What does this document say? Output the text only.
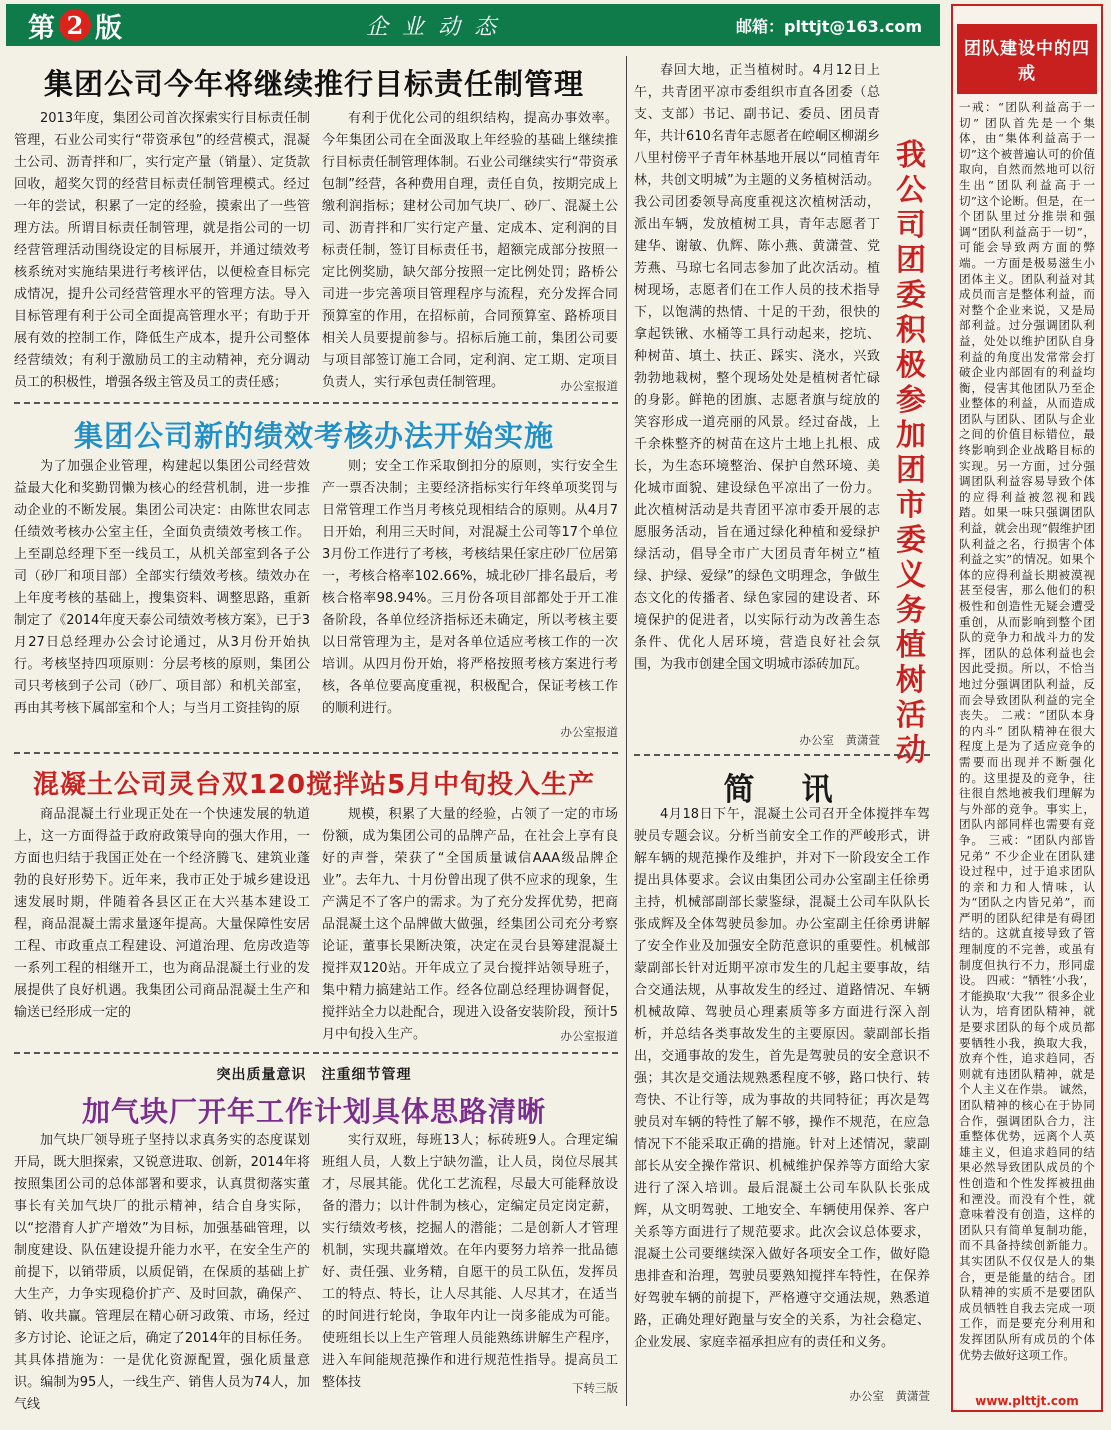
第 2 版	企业动态	邮箱：plttjt@163.com
集团公司今年将继续推行目标责任制管理

2013年度，集团公司首次探索实行目标责任制管理，石业公司实行“带资承包”的经营模式，混凝土公司、沥青拌和厂，实行定产量（销量）、定货款回收，超奖欠罚的经营目标责任制管理模式。经过一年的尝试，积累了一定的经验，摸索出了一些管理方法。所谓目标责任制管理，就是指公司的一切经营管理活动围绕设定的目标展开，并通过绩效考核系统对实施结果进行考核评估，以便检查目标完成情况，提升公司经营管理水平的管理方法。导入目标管理有利于公司全面提高管理水平；有助于开展有效的控制工作，降低生产成本，提升公司整体经营绩效；有利于激励员工的主动精神，充分调动员工的积极性，增强各级主管及员工的责任感；

有利于优化公司的组织结构，提高办事效率。今年集团公司在全面汲取上年经验的基础上继续推行目标责任制管理体制。石业公司继续实行“带资承包制”经营，各种费用自理，责任自负，按期完成上缴利润指标；建材公司加气块厂、砂厂、混凝土公司、沥青拌和厂实行定产量、定成本、定利润的目标责任制，签订目标责任书，超额完成部分按照一定比例奖励，缺欠部分按照一定比例处罚；路桥公司进一步完善项目管理程序与流程，充分发挥合同预算室的作用，在招标前，合同预算室、路桥项目相关人员要提前参与。招标后施工前，集团公司要与项目部签订施工合同，定利润、定工期、定项目负责人，实行承包责任制管理。	办公室报道
集团公司新的绩效考核办法开始实施

为了加强企业管理，构建起以集团公司经营效益最大化和奖勤罚懒为核心的经营机制，进一步推动企业的不断发展。集团公司决定：由陈世农同志任绩效考核办公室主任，全面负责绩效考核工作。上至副总经理下至一线员工，从机关部室到各子公司（砂厂和项目部）全部实行绩效考核。绩效办在上年度考核的基础上，搜集资料、调整思路，重新制定了《2014年度天泰公司绩效考核方案》，已于3月27日总经理办公会讨论通过，从3月份开始执行。考核坚持四项原则：分层考核的原则，集团公司只考核到子公司（砂厂、项目部）和机关部室，再由其考核下属部室和个人；与当月工资挂钩的原

则；安全工作采取倒扣分的原则，实行安全生产一票否决制；主要经济指标实行年终单项奖罚与日常管理工作当月考核兑现相结合的原则。从4月7日开始，利用三天时间，对混凝土公司等17个单位3月份工作进行了考核，考核结果任家庄砂厂位居第一，考核合格率102.66%，城北砂厂排名最后，考核合格率98.94%。三月份各项目部都处于开工准备阶段，各单位经济指标还未确定，所以考核主要以日常管理为主，是对各单位适应考核工作的一次培训。从四月份开始，将严格按照考核方案进行考核，各单位要高度重视，积极配合，保证考核工作的顺利进行。

办公室报道
混凝土公司灵台双120搅拌站5月中旬投入生产

商品混凝土行业现正处在一个快速发展的轨道上，这一方面得益于政府政策导向的强大作用，一方面也归结于我国正处在一个经济腾飞、建筑业蓬勃的良好形势下。近年来，我市正处于城乡建设迅速发展时期，伴随着各县区正在大兴基本建设工程，商品混凝土需求量逐年提高。大量保障性安居工程、市政重点工程建设、河道治理、危房改造等一系列工程的相继开工，也为商品混凝土行业的发展提供了良好机遇。我集团公司商品混凝土生产和输送已经形成一定的

规模，积累了大量的经验，占领了一定的市场份额，成为集团公司的品牌产品，在社会上享有良好的声誉，荣获了“全国质量诚信AAA级品牌企业”。去年九、十月份曾出现了供不应求的现象，生产满足不了客户的需求。为了充分发挥优势，把商品混凝土这个品牌做大做强，经集团公司充分考察论证，董事长果断决策，决定在灵台县筹建混凝土搅拌双120站。开年成立了灵台搅拌站领导班子，集中精力搞建站工作。经各位副总经理协调督促，搅拌站全力以赴配合，现进入设备安装阶段，预计5月中旬投入生产。	办公室报道
突出质量意识　注重细节管理
加气块厂开年工作计划具体思路清晰

加气块厂领导班子坚持以求真务实的态度谋划开局，既大胆探索，又锐意进取、创新，2014年将按照集团公司的总体部署和要求，认真贯彻落实董事长有关加气块厂的批示精神，结合自身实际，以“挖潜育人扩产增效”为目标，加强基础管理，以制度建设、队伍建设提升能力水平，在安全生产的前提下，以销带质，以质促销，在保质的基础上扩大生产，力争实现稳价扩产、及时回款，确保产、销、收共赢。管理层在精心研习政策、市场，经过多方讨论、论证之后，确定了2014年的目标任务。其具体措施为：一是优化资源配置，强化质量意识。编制为95人，一线生产、销售人员为74人，加气线

实行双班，每班13人；标砖班9人。合理定编班组人员，人数上宁缺勿滥，让人员，岗位尽展其才，尽展其能。优化工艺流程，尽最大可能释放设备的潜力；以计件制为核心，定编定员定岗定薪，实行绩效考核，挖掘人的潜能；二是创新人才管理机制，实现共赢增效。在年内要努力培养一批品德好、责任强、业务精，自愿干的员工队伍，发挥员工的特点、特长，让人尽其能、人尽其才，在适当的时间进行轮岗，争取年内让一岗多能成为可能。使班组长以上生产管理人员能熟练讲解生产程序，进入车间能规范操作和进行规范性指导。提高员工整体技	下转三版

春回大地，正当植树时。4月12日上午，共青团平凉市委组织市直各团委（总支、支部）书记、副书记、委员、团员青年，共计610名青年志愿者在崆峒区柳湖乡八里村傍平子青年林基地开展以“同植青年林，共创文明城”为主题的义务植树活动。我公司团委领导高度重视这次植树活动，派出车辆，发放植树工具，青年志愿者丁建华、谢敏、仇辉、陈小燕、黄潇萱、党芳燕、马琼七名同志参加了此次活动。植树现场，志愿者们在工作人员的技术指导下，以饱满的热情、十足的干劲，很快的拿起铁锹、水桶等工具行动起来，挖坑、种树苗、填土、扶正、踩实、浇水，兴致勃勃地栽树，整个现场处处是植树者忙碌的身影。鲜艳的团旗、志愿者旗与绽放的笑容形成一道亮丽的风景。经过奋战，上千余株整齐的树苗在这片土地上扎根、成长，为生态环境整治、保护自然环境、美化城市面貌、建设绿色平凉出了一份力。此次植树活动是共青团平凉市委开展的志愿服务活动，旨在通过绿化种植和爱绿护绿活动，倡导全市广大团员青年树立“植绿、护绿、爱绿”的绿色文明理念，争做生态文化的传播者、绿色家园的建设者、环境保护的促进者，以实际行动为改善生态条件、优化人居环境，营造良好社会氛围，为我市创建全国文明城市添砖加瓦。

办公室　黄潇萱
我公司团委积极参加团市委义务植树活动
简　讯

4月18日下午，混凝土公司召开全体搅拌车驾驶员专题会议。分析当前安全工作的严峻形式，讲解车辆的规范操作及维护，并对下一阶段安全工作提出具体要求。会议由集团公司办公室副主任徐勇主持，机械部副部长蒙鉴绿，混凝土公司车队队长张成辉及全体驾驶员参加。办公室副主任徐勇讲解了安全作业及加强安全防范意识的重要性。机械部蒙副部长针对近期平凉市发生的几起主要事故，结合交通法规，从事故发生的经过、道路情况、车辆机械故障、驾驶员心理素质等多方面进行深入剖析，并总结各类事故发生的主要原因。蒙副部长指出，交通事故的发生，首先是驾驶员的安全意识不强；其次是交通法规熟悉程度不够，路口快行、转弯快、不让行等，成为事故的共同特征；再次是驾驶员对车辆的特性了解不够，操作不规范，在应急情况下不能采取正确的措施。针对上述情况，蒙副部长从安全操作常识、机械维护保养等方面给大家进行了深入培训。最后混凝土公司车队队长张成辉，从文明驾驶、工地安全、车辆使用保养、客户关系等方面进行了规范要求。此次会议总体要求，混凝土公司要继续深入做好各项安全工作，做好隐患排查和治理，驾驶员要熟知搅拌车特性，在保养好驾驶车辆的前提下，严格遵守交通法规，熟悉道路，正确处理好跑量与安全的关系，为社会稳定、企业发展、家庭幸福承担应有的责任和义务。

办公室　黄潇萱
团队建设中的四戒

一戒：“团队利益高于一切” 团队首先是一个集体，由“集体利益高于一切”这个被普遍认可的价值取向，自然而然地可以衍生出“团队利益高于一切”这个论断。但是，在一个团队里过分推崇和强调“团队利益高于一切”，可能会导致两方面的弊端。一方面是极易滋生小团体主义。团队利益对其成员而言是整体利益，而对整个企业来说，又是局部利益。过分强调团队利益，处处以维护团队自身利益的角度出发常常会打破企业内部固有的利益均衡，侵害其他团队乃至企业整体的利益，从而造成团队与团队、团队与企业之间的价值目标错位，最终影响到企业战略目标的实现。另一方面，过分强调团队利益容易导致个体的应得利益被忽视和践踏。如果一味只强调团队利益，就会出现“假维护团队利益之名，行损害个体利益之实”的情况。如果个体的应得利益长期被漠视甚至侵害，那么他们的积极性和创造性无疑会遭受重创，从而影响到整个团队的竞争力和战斗力的发挥，团队的总体利益也会因此受损。所以，不恰当地过分强调团队利益，反而会导致团队利益的完全丧失。 二戒：“团队本身的内斗” 团队精神在很大程度上是为了适应竞争的需要而出现并不断强化的。这里提及的竞争，往往很自然地被我们理解为与外部的竞争。事实上，团队内部同样也需要有竞争。 三戒：“团队内部皆兄弟” 不少企业在团队建设过程中，过于追求团队的亲和力和人情味，认为“团队之内皆兄弟”，而严明的团队纪律是有碍团结的。这就直接导致了管理制度的不完善，或虽有制度但执行不力，形同虚设。 四戒：“牺牲‘小我’，才能换取‘大我’” 很多企业认为，培育团队精神，就是要求团队的每个成员都要牺牲小我，换取大我，放弃个性，追求趋同，否则就有违团队精神，就是个人主义在作祟。 诚然，团队精神的核心在于协同合作，强调团队合力，注重整体优势，远离个人英雄主义，但追求趋同的结果必然导致团队成员的个性创造和个性发挥被扭曲和湮没。而没有个性，就意味着没有创造，这样的团队只有简单复制功能，而不具备持续创新能力。其实团队不仅仅是人的集合，更是能量的结合。团队精神的实质不是要团队成员牺牲自我去完成一项工作，而是要充分利用和发挥团队所有成员的个体优势去做好这项工作。

www.plttjt.com
